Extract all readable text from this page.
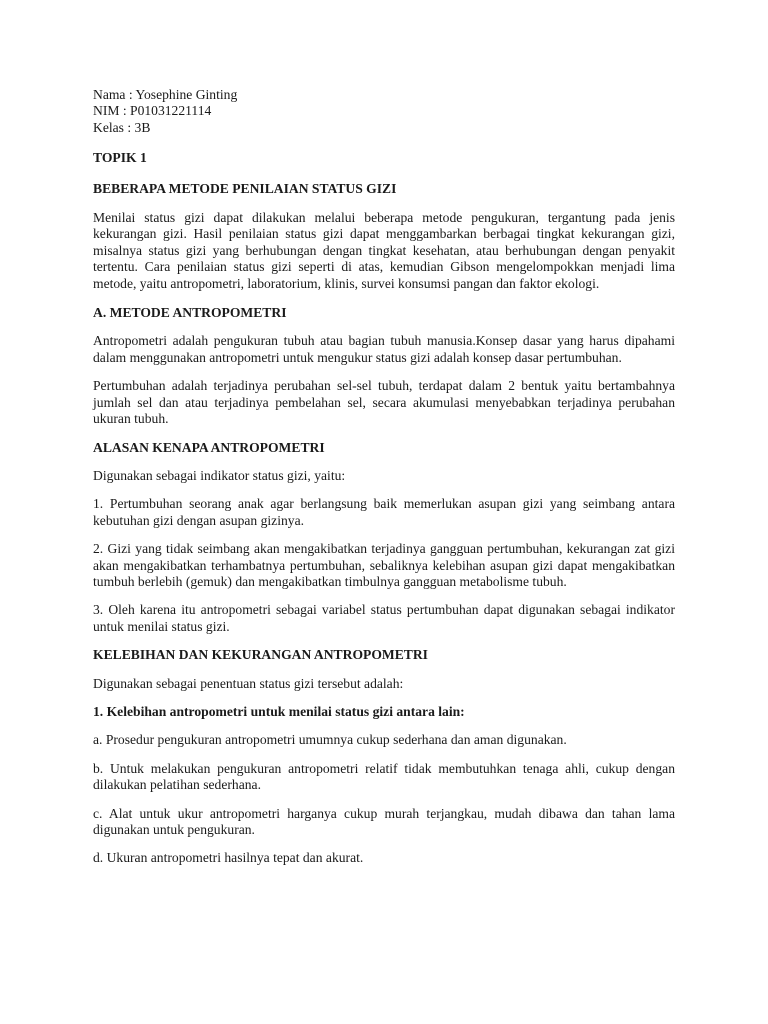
Nama : Yosephine Ginting

NIM : P01031221114

Kelas : 3B

TOPIK 1

BEBERAPA METODE PENILAIAN STATUS GIZI

Menilai status gizi dapat dilakukan melalui beberapa metode pengukuran, tergantung pada jenis kekurangan gizi. Hasil penilaian status gizi dapat menggambarkan berbagai tingkat kekurangan gizi, misalnya status gizi yang berhubungan dengan tingkat kesehatan, atau berhubungan dengan penyakit tertentu. Cara penilaian status gizi seperti di atas, kemudian Gibson mengelompokkan menjadi lima metode, yaitu antropometri, laboratorium, klinis, survei konsumsi pangan dan faktor ekologi.

A. METODE ANTROPOMETRI

Antropometri adalah pengukuran tubuh atau bagian tubuh manusia.Konsep dasar yang harus dipahami dalam menggunakan antropometri untuk mengukur status gizi adalah konsep dasar pertumbuhan.

Pertumbuhan adalah terjadinya perubahan sel-sel tubuh, terdapat dalam 2 bentuk yaitu bertambahnya jumlah sel dan atau terjadinya pembelahan sel, secara akumulasi menyebabkan terjadinya perubahan ukuran tubuh.

ALASAN KENAPA ANTROPOMETRI

Digunakan sebagai indikator status gizi, yaitu:

1. Pertumbuhan seorang anak agar berlangsung baik memerlukan asupan gizi yang seimbang antara kebutuhan gizi dengan asupan gizinya.

2. Gizi yang tidak seimbang akan mengakibatkan terjadinya gangguan pertumbuhan, kekurangan zat gizi akan mengakibatkan terhambatnya pertumbuhan, sebaliknya kelebihan asupan gizi dapat mengakibatkan tumbuh berlebih (gemuk) dan mengakibatkan timbulnya gangguan metabolisme tubuh.

3. Oleh karena itu antropometri sebagai variabel status pertumbuhan dapat digunakan sebagai indikator untuk menilai status gizi.

KELEBIHAN DAN KEKURANGAN ANTROPOMETRI

Digunakan sebagai penentuan status gizi tersebut adalah:

1. Kelebihan antropometri untuk menilai status gizi antara lain:

a. Prosedur pengukuran antropometri umumnya cukup sederhana dan aman digunakan.

b. Untuk melakukan pengukuran antropometri relatif tidak membutuhkan tenaga ahli, cukup dengan dilakukan pelatihan sederhana.

c. Alat untuk ukur antropometri harganya cukup murah terjangkau, mudah dibawa dan tahan lama digunakan untuk pengukuran.

d. Ukuran antropometri hasilnya tepat dan akurat.
